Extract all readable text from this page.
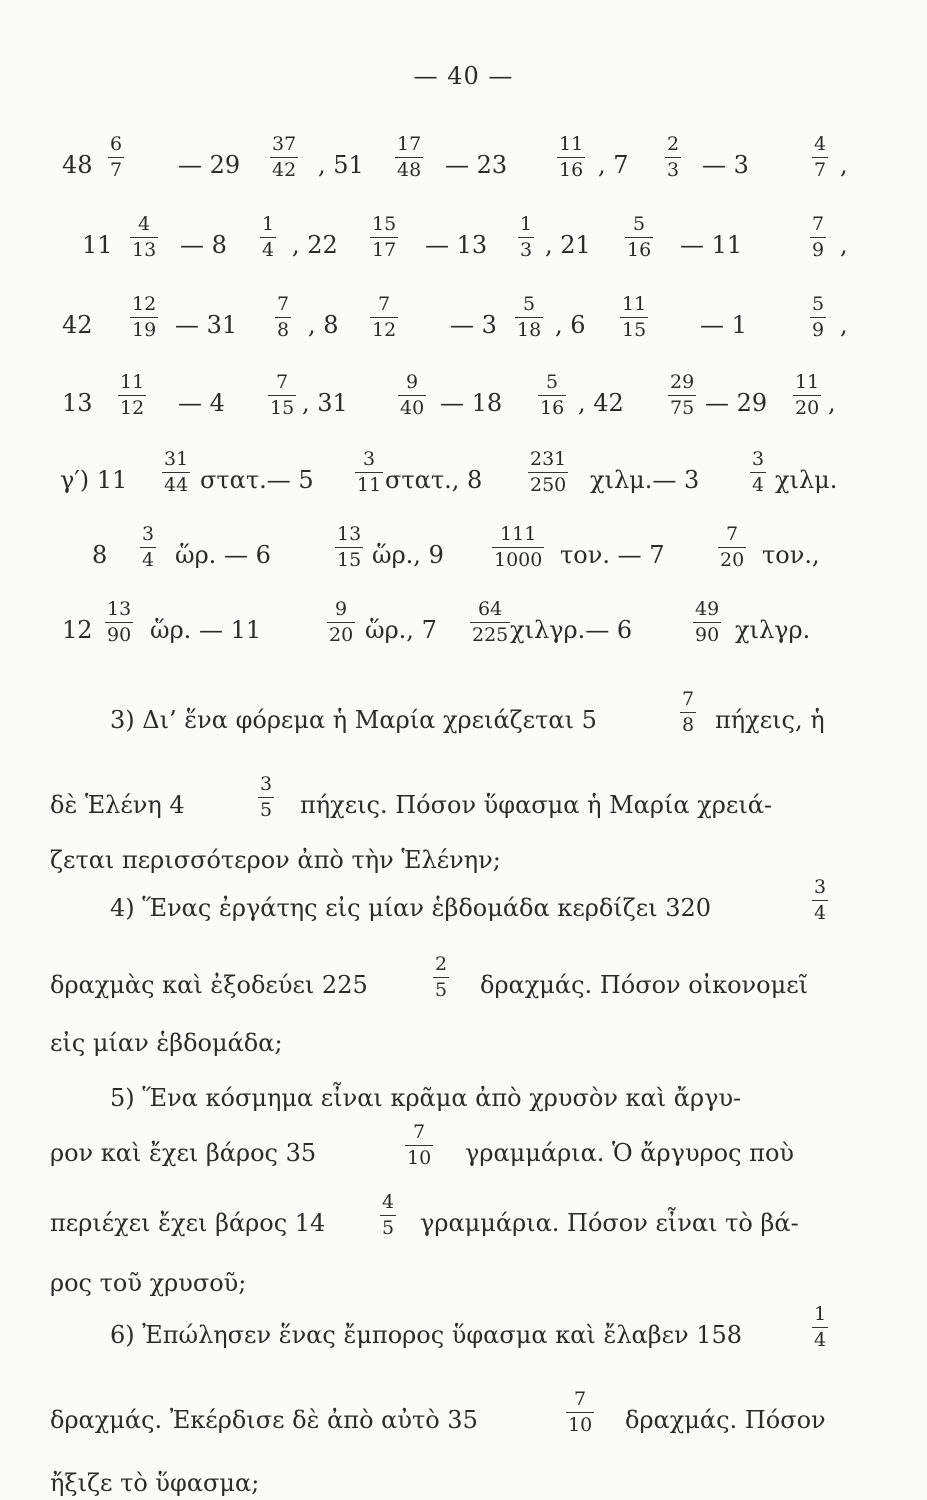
— 40 —
$48 \frac{6}{7}$ — $29 \frac{37}{42}$ , $51 \frac{17}{48}$ — 23	$\frac{11}{16}$ , $7 \frac{2}{3}$ — 3	$\frac{4}{7}$ ,
$11 \frac{4}{13}$ — $8 \frac{1}{4}$ , $22 \frac{15}{17}$ — $13 \frac{1}{3}$ , $21 \frac{5}{16}$ — 11	$\frac{7}{9}$ ,
$42 \frac{12}{19}$ — $31 \frac{7}{8}$ , $8 \frac{7}{12}$ — $3 \frac{5}{18}$ , $6 \frac{11}{15}$ — 1	$\frac{5}{9}$ ,
$13 \frac{11}{12}$ — $4 \frac{7}{15}$ , 31	$\frac{9}{40}$ — $18 \frac{5}{16}$ , $42 \frac{29}{75}$ — $29 \frac{11}{20}$ ,
γ′) $11 \frac{31}{44}$ στατ.— $5 \frac{3}{11} \sigma\tau\alpha\tau$., $8 \frac{231}{250}$ χιλμ.— 3	$\frac{3}{4} \chi\iota\lambda\mu$.
$8 \frac{3}{4}$ ὥρ. — 6	$\frac{13}{15}$ ὥρ., 9	$\frac{111}{1000} \tau o\nu$. — 7	$\frac{7}{20} \tau o\nu$.,
$12 \frac{13}{90}$ ὥρ. — 11	$\frac{9}{20}$ ὥρ., $7 \frac{64}{225}$ χιλγρ.— 6	$\frac{49}{90} \chi\iota\lambda\gamma\rho$.
3) Δι’ ἕνα φόρεμα ἡ Μαρία χρειάζεται 5	$\frac{7}{8} \pi ή\chi\varepsilon\iota\varsigma$, ἡ
δὲ Ἑλένη 4	$\frac{3}{5} \pi ή\chi\varepsilon\iota\varsigma$. Πόσον ὕφασμα ἡ Μαρία χρειά-
ζεται περισσότερον ἀπὸ τὴν Ἑλένην;
4) Ἕνας ἐργάτης εἰς μίαν ἑβδομάδα κερδίζει 320	$\frac{3}{4}$
δραχμὰς καὶ ἐξοδεύει 225	$\frac{2}{5} \delta\rho\alpha\chi\mu ά\varsigma$. Πόσον οἰκονομεῖ
εἰς μίαν ἑβδομάδα;
5) Ἕνα κόσμημα εἶναι κρᾶμα ἀπὸ χρυσὸν καὶ ἄργυ-
ρον καὶ ἔχει βάρος 35	$\frac{7}{10} \gamma\rho\alpha\mu\mu ά\rho\iota\alpha$. Ὁ ἄργυρος ποὺ
περιέχει ἔχει βάρος 14	$\frac{4}{5} \gamma\rho\alpha\mu\mu ά\rho\iota\alpha$. Πόσον εἶναι τὸ βά-
ρος τοῦ χρυσοῦ;
6) Ἐπώλησεν ἕνας ἔμπορος ὕφασμα καὶ ἔλαβεν 158	$\frac{1}{4}$
δραχμάς. Ἐκέρδισε δὲ ἀπὸ αὐτὸ 35	$\frac{7}{10} \delta\rho\alpha\chi\mu ά\varsigma$. Πόσον
ἤξιζε τὸ ὕφασμα;
